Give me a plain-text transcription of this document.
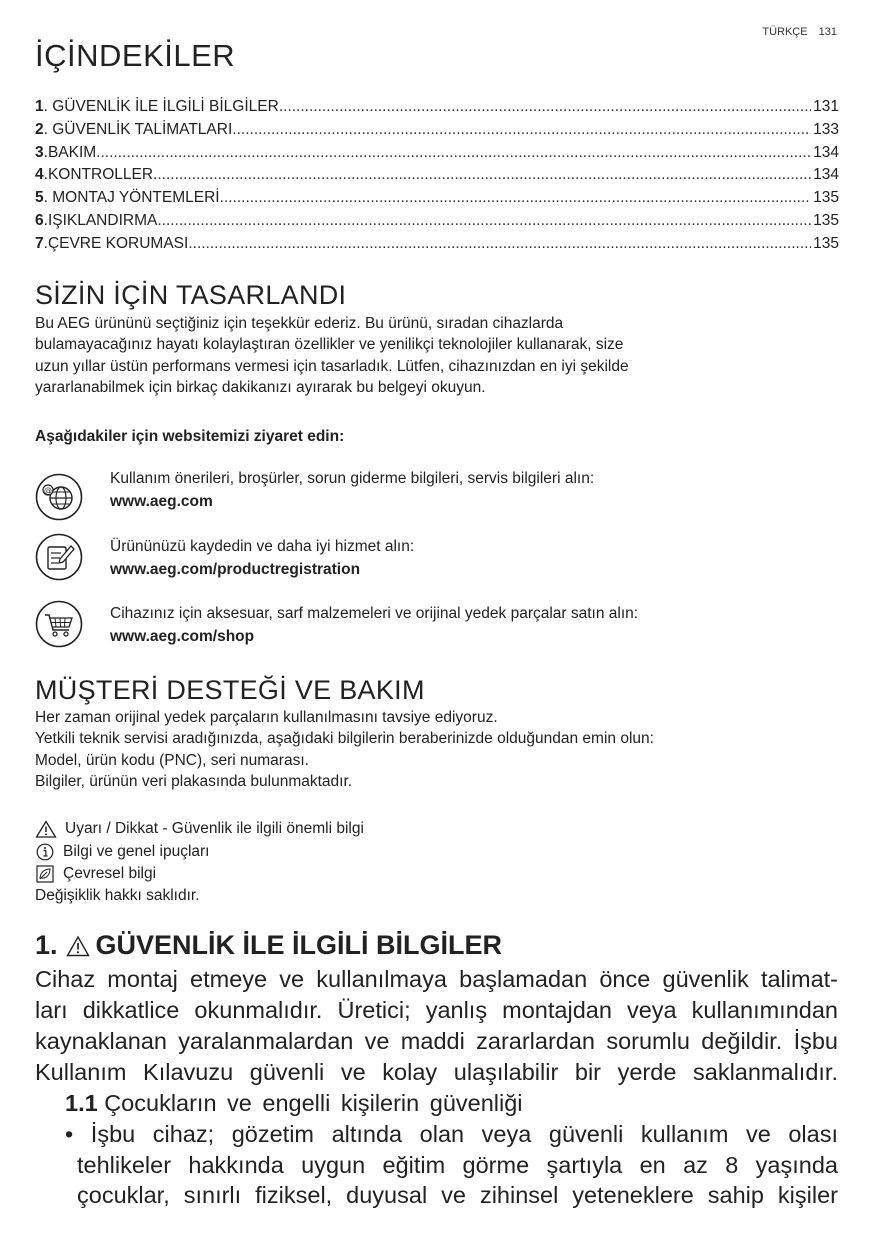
TÜRKÇE 131
İÇİNDEKİLER
1 . GÜVENLİK İLE İLGİLİ BİLGİLER .....	131
2 . GÜVENLİK TALİMATLARI .....	133
3 . BAKIM .....	134
4 . KONTROLLER .....	134
5 . MONTAJ YÖNTEMLERİ .....	135
6 . IŞIKLANDIRMA .....	135
7 . ÇEVRE KORUMASI .....	135
SİZİN İÇİN TASARLANDI
Bu AEG ürününü seçtiğiniz için teşekkür ederiz. Bu ürünü, sıradan cihazlarda
bulamayacağınız hayatı kolaylaştıran özellikler ve yenilikçi teknolojiler kullanarak, size
uzun yıllar üstün performans vermesi için tasarladık. Lütfen, cihazınızdan en iyi şekilde
yararlanabilmek için birkaç dakikanızı ayırarak bu belgeyi okuyun.
Aşağıdakiler için websitemizi ziyaret edin:
@
Kullanım önerileri, broşürler, sorun giderme bilgileri, servis bilgileri alın:
www.aeg.com
Ürününüzü kaydedin ve daha iyi hizmet alın:
www.aeg.com/productregistration
Cihazınız için aksesuar, sarf malzemeleri ve orijinal yedek parçalar satın alın:
www.aeg.com/shop
MÜŞTERİ DESTEĞİ VE BAKIM
Her zaman orijinal yedek parçaların kullanılmasını tavsiye ediyoruz.
Yetkili teknik servisi aradığınızda, aşağıdaki bilgilerin beraberinizde olduğundan emin olun:
Model, ürün kodu (PNC), seri numarası.
Bilgiler, ürünün veri plakasında bulunmaktadır.
Uyarı / Dikkat - Güvenlik ile ilgili önemli bilgi
Bilgi ve genel ipuçları
Çevresel bilgi
Değişiklik hakkı saklıdır.
1. GÜVENLİK İLE İLGİLİ BİLGİLER
Cihaz montaj etmeye ve kullanılmaya başlamadan önce güvenlik talimat-
ları dikkatlice okunmalıdır. Üretici; yanlış montajdan veya kullanımından
kaynaklanan yaralanmalardan ve maddi zararlardan sorumlu değildir. İşbu
Kullanım Kılavuzu güvenli ve kolay ulaşılabilir bir yerde saklanmalıdır.
1.1 Çocukların ve engelli kişilerin güvenliği
• İşbu cihaz; gözetim altında olan veya güvenli kullanım ve olası
tehlikeler hakkında uygun eğitim görme şartıyla en az 8 yaşında
çocuklar, sınırlı fiziksel, duyusal ve zihinsel yeteneklere sahip kişiler
